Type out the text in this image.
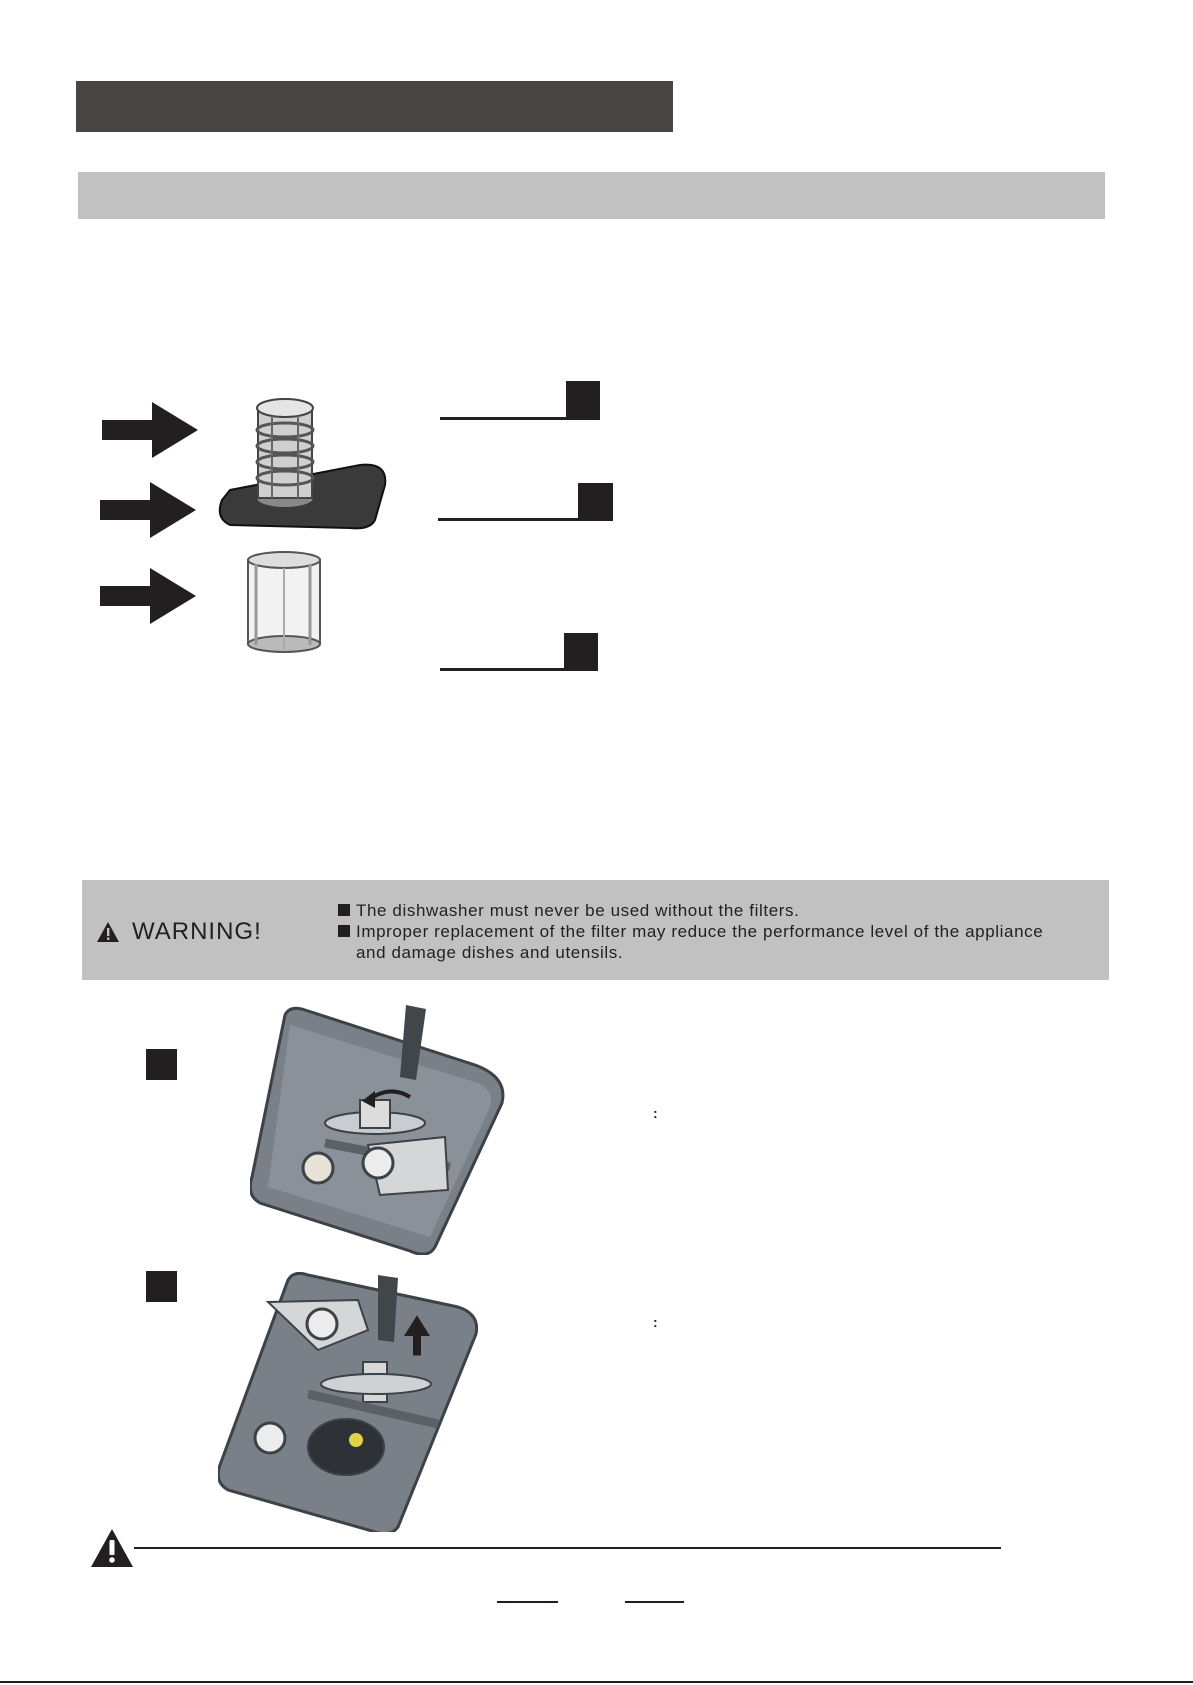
WARNING!
The dishwasher must never be used without the filters.
Improper replacement of the filter may reduce the performance level of the appliance
and damage dishes and utensils.
:
:
